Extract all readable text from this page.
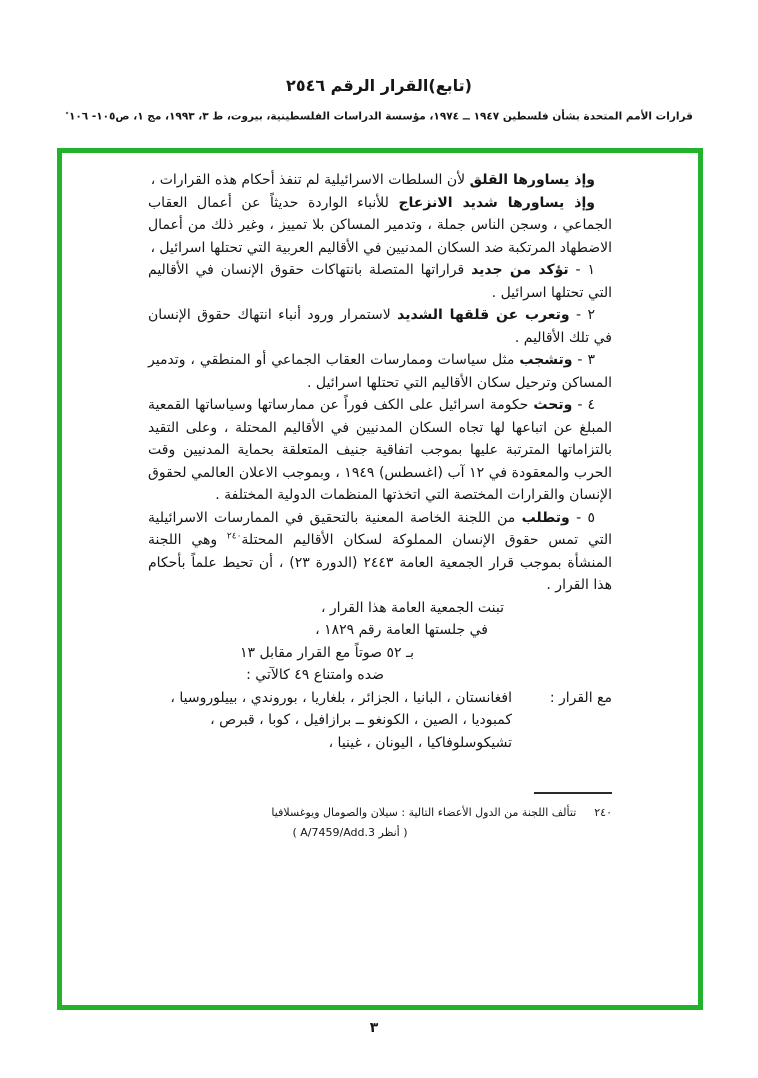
(تابع)القرار الرقم ٢٥٤٦
قرارات الأمم المتحدة بشأن فلسطين ١٩٤٧ ــ ١٩٧٤، مؤسسة الدراسات الفلسطينية، بيروت، ط ٣، ١٩٩٣، مج ١، ص١٠٥- ١٠٦٭

وإذ يساورها القلق لأن السلطات الاسرائيلية لم تنفذ أحكام هذه القرارات ،

وإذ يساورها شديد الانزعاج للأنباء الواردة حديثاً عن أعمال العقاب الجماعي ، وسجن الناس جملة ، وتدمير المساكن بلا تمييز ، وغير ذلك من أعمال الاضطهاد المرتكبة ضد السكان المدنيين في الأقاليم العربية التي تحتلها اسرائيل ،

١ - تؤكد من جديد قراراتها المتصلة بانتهاكات حقوق الإنسان في الأقاليم التي تحتلها اسرائيل .

٢ - وتعرب عن قلقها الشديد لاستمرار ورود أنباء انتهاك حقوق الإنسان في تلك الأقاليم .

٣ - وتشجب مثل سياسات وممارسات العقاب الجماعي أو المنطقي ، وتدمير المساكن وترحيل سكان الأقاليم التي تحتلها اسرائيل .

٤ - وتحث حكومة اسرائيل على الكف فوراً عن ممارساتها وسياساتها القمعية المبلغ عن اتباعها لها تجاه السكان المدنيين في الأقاليم المحتلة ، وعلى التقيد بالتزاماتها المترتبة عليها بموجب اتفاقية جنيف المتعلقة بحماية المدنيين وقت الحرب والمعقودة في ١٢ آب (اغسطس) ١٩٤٩ ، وبموجب الاعلان العالمي لحقوق الإنسان والقرارات المختصة التي اتخذتها المنظمات الدولية المختلفة .

٥ - وتطلب من اللجنة الخاصة المعنية بالتحقيق في الممارسات الاسرائيلية التي تمس حقوق الإنسان المملوكة لسكان الأقاليم المحتلة$^{٢٤٠}$ وهي اللجنة المنشأة بموجب قرار الجمعية العامة ٢٤٤٣ (الدورة ٢٣) ، أن تحيط علماً بأحكام هذا القرار .

تبنت الجمعية العامة هذا القرار ،
في جلستها العامة رقم ١٨٢٩ ،
بـ ٥٢ صوتاً مع القرار مقابل ١٣
ضده وامتناع ٤٩ كالآتي :
مع القرار :
افغانستان ، البانيا ، الجزائر ، بلغاريا ، بوروندي ، بييلوروسيا ، كمبوديا ، الصين ، الكونغو ــ برازافيل ، كوبا ، قبرص ، تشيكوسلوفاكيا ، اليونان ، غينيا ،
٢٤٠
تتألف اللجنة من الدول الأعضاء التالية : سيلان والصومال ويوغسلافيا
( أنظر A/7459/Add.3 )
٣
